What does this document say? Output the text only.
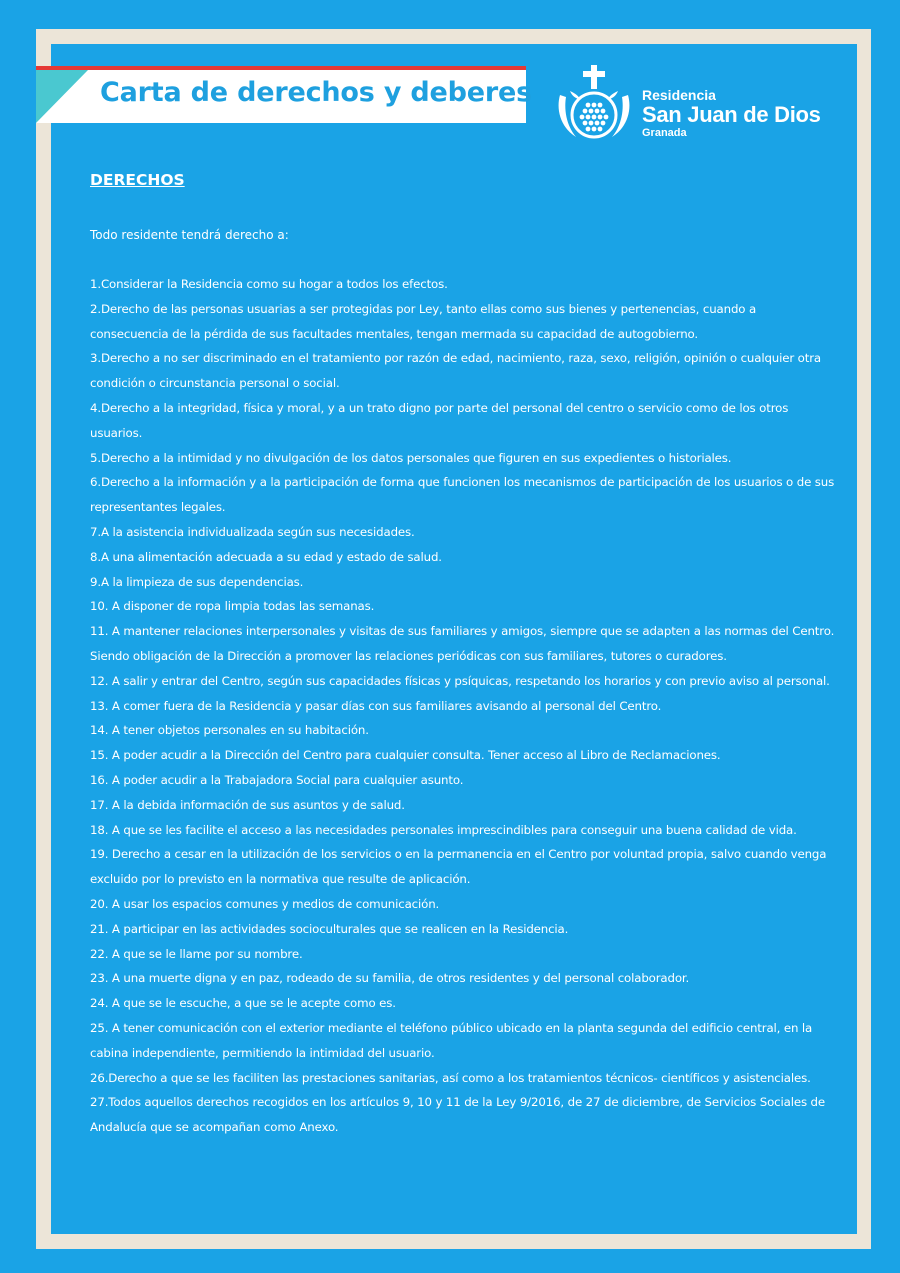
Carta de derechos y deberes	Residencia
San Juan de Dios
Granada
DERECHOS
Todo residente tendrá derecho a:
1.Considerar la Residencia como su hogar a todos los efectos.
2.Derecho de las personas usuarias a ser protegidas por Ley, tanto ellas como sus bienes y pertenencias, cuando a consecuencia de la pérdida de sus facultades mentales, tengan mermada su capacidad de autogobierno.
3.Derecho a no ser discriminado en el tratamiento por razón de edad, nacimiento, raza, sexo, religión, opinión o cualquier otra condición o circunstancia personal o social.
4.Derecho a la integridad, física y moral, y a un trato digno por parte del personal del centro o servicio como de los otros usuarios.
5.Derecho a la intimidad y no divulgación de los datos personales que figuren en sus expedientes o historiales.
6.Derecho a la información y a la participación de forma que funcionen los mecanismos de participación de los usuarios o de sus representantes legales.
7.A la asistencia individualizada según sus necesidades.
8.A una alimentación adecuada a su edad y estado de salud.
9.A la limpieza de sus dependencias.
10. A disponer de ropa limpia todas las semanas.
11. A mantener relaciones interpersonales y visitas de sus familiares y amigos, siempre que se adapten a las normas del Centro. Siendo obligación de la Dirección a promover las relaciones periódicas con sus familiares, tutores o curadores.
12. A salir y entrar del Centro, según sus capacidades físicas y psíquicas, respetando los horarios y con previo aviso al personal.
13. A comer fuera de la Residencia y pasar días con sus familiares avisando al personal del Centro.
14. A tener objetos personales en su habitación.
15. A poder acudir a la Dirección del Centro para cualquier consulta. Tener acceso al Libro de Reclamaciones.
16. A poder acudir a la Trabajadora Social para cualquier asunto.
17. A la debida información de sus asuntos y de salud.
18. A que se les facilite el acceso a las necesidades personales imprescindibles para conseguir una buena calidad de vida.
19. Derecho a cesar en la utilización de los servicios o en la permanencia en el Centro por voluntad propia, salvo cuando venga excluido por lo previsto en la normativa que resulte de aplicación.
20. A usar los espacios comunes y medios de comunicación.
21. A participar en las actividades socioculturales que se realicen en la Residencia.
22. A que se le llame por su nombre.
23. A una muerte digna y en paz, rodeado de su familia, de otros residentes y del personal colaborador.
24. A que se le escuche, a que se le acepte como es.
25. A tener comunicación con el exterior mediante el teléfono público ubicado en la planta segunda del edificio central, en la cabina independiente, permitiendo la intimidad del usuario.
26.Derecho a que se les faciliten las prestaciones sanitarias, así como a los tratamientos técnicos- científicos y asistenciales.
27.Todos aquellos derechos recogidos en los artículos 9, 10 y 11 de la Ley 9/2016, de 27 de diciembre, de Servicios Sociales de Andalucía que se acompañan como Anexo.
